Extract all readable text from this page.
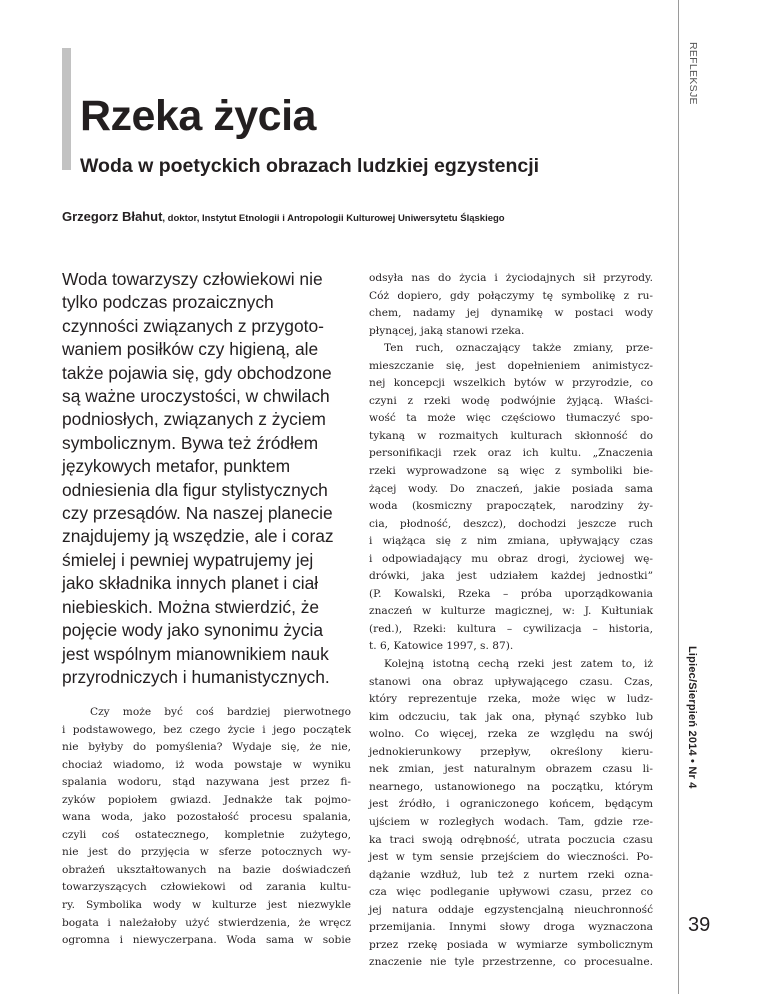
REFLEKSJE
Lipiec/Sierpień 2014 • Nr 4
Rzeka życia
Woda w poetyckich obrazach ludzkiej egzystencji
Grzegorz Błahut, doktor, Instytut Etnologii i Antropologii Kulturowej Uniwersytetu Śląskiego
Woda towarzyszy człowiekowi nie
tylko podczas prozaicznych
czynności związanych z przygoto-
waniem posiłków czy higieną, ale
także pojawia się, gdy obchodzone
są ważne uroczystości, w chwilach
podniosłych, związanych z życiem
symbolicznym. Bywa też źródłem
językowych metafor, punktem
odniesienia dla figur stylistycznych
czy przesądów. Na naszej planecie
znajdujemy ją wszędzie, ale i coraz
śmielej i pewniej wypatrujemy jej
jako składnika innych planet i ciał
niebieskich. Można stwierdzić, że
pojęcie wody jako synonimu życia
jest wspólnym mianownikiem nauk
przyrodniczych i humanistycznych.
Czy może być coś bardziej pierwotnego
i podstawowego, bez czego życie i jego początek
nie byłyby do pomyślenia? Wydaje się, że nie,
chociaż wiadomo, iż woda powstaje w wyniku
spalania wodoru, stąd nazywana jest przez fi-
zyków popiołem gwiazd. Jednakże tak pojmo-
wana woda, jako pozostałość procesu spalania,
czyli coś ostatecznego, kompletnie zużytego,
nie jest do przyjęcia w sferze potocznych wy-
obrażeń ukształtowanych na bazie doświadczeń
towarzyszących człowiekowi od zarania kultu-
ry. Symbolika wody w kulturze jest niezwykle
bogata i należałoby użyć stwierdzenia, że wręcz
ogromna i niewyczerpana. Woda sama w sobie
odsyła nas do życia i życiodajnych sił przyrody.
Cóż dopiero, gdy połączymy tę symbolikę z ru-
chem, nadamy jej dynamikę w postaci wody
płynącej, jaką stanowi rzeka.
Ten ruch, oznaczający także zmiany, prze-
mieszczanie się, jest dopełnieniem animistycz-
nej koncepcji wszelkich bytów w przyrodzie, co
czyni z rzeki wodę podwójnie żyjącą. Właści-
wość ta może więc częściowo tłumaczyć spo-
tykaną w rozmaitych kulturach skłonność do
personifikacji rzek oraz ich kultu. „Znaczenia
rzeki wyprowadzone są więc z symboliki bie-
żącej wody. Do znaczeń, jakie posiada sama
woda (kosmiczny prapoczątek, narodziny ży-
cia, płodność, deszcz), dochodzi jeszcze ruch
i wiążąca się z nim zmiana, upływający czas
i odpowiadający mu obraz drogi, życiowej wę-
drówki, jaka jest udziałem każdej jednostki”
(P. Kowalski, Rzeka – próba uporządkowania
znaczeń w kulturze magicznej, w: J. Kułtuniak
(red.), Rzeki: kultura – cywilizacja – historia,
t. 6, Katowice 1997, s. 87).
Kolejną istotną cechą rzeki jest zatem to, iż
stanowi ona obraz upływającego czasu. Czas,
który reprezentuje rzeka, może więc w ludz-
kim odczuciu, tak jak ona, płynąć szybko lub
wolno. Co więcej, rzeka ze względu na swój
jednokierunkowy przepływ, określony kieru-
nek zmian, jest naturalnym obrazem czasu li-
nearnego, ustanowionego na początku, którym
jest źródło, i ograniczonego końcem, będącym
ujściem w rozległych wodach. Tam, gdzie rze-
ka traci swoją odrębność, utrata poczucia czasu
jest w tym sensie przejściem do wieczności. Po-
dążanie wzdłuż, lub też z nurtem rzeki ozna-
cza więc podleganie upływowi czasu, przez co
jej natura oddaje egzystencjalną nieuchronność
przemijania. Innymi słowy droga wyznaczona
przez rzekę posiada w wymiarze symbolicznym
znaczenie nie tyle przestrzenne, co procesualne.
39
